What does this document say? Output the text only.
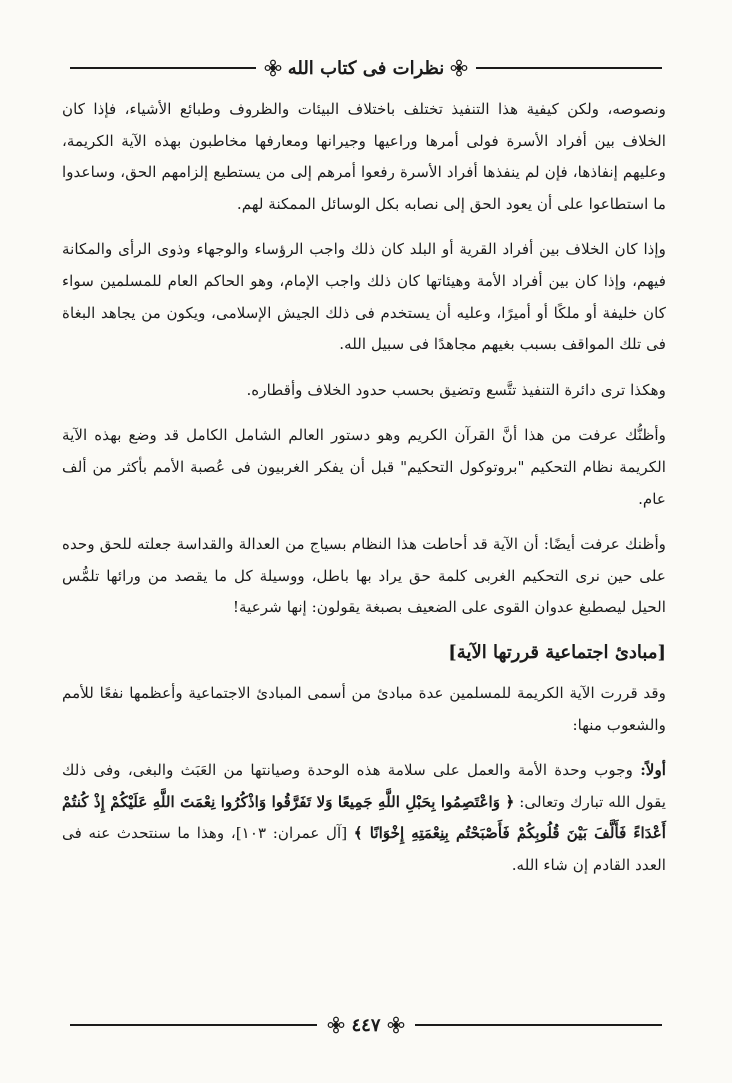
نظرات فى كتاب الله

ونصوصه، ولكن كيفية هذا التنفيذ تختلف باختلاف البيئات والظروف وطبائع الأشياء، فإذا كان الخلاف بين أفراد الأسرة فولى أمرها وراعيها وجيرانها ومعارفها مخاطبون بهذه الآية الكريمة، وعليهم إنفاذها، فإن لم ينفذها أفراد الأسرة رفعوا أمرهم إلى من يستطيع إلزامهم الحق، وساعدوا ما استطاعوا على أن يعود الحق إلى نصابه بكل الوسائل الممكنة لهم.

وإذا كان الخلاف بين أفراد القرية أو البلد كان ذلك واجب الرؤساء والوجهاء وذوى الرأى والمكانة فيهم، وإذا كان بين أفراد الأمة وهيئاتها كان ذلك واجب الإمام، وهو الحاكم العام للمسلمين سواء كان خليفة أو ملكًا أو أميرًا، وعليه أن يستخدم فى ذلك الجيش الإسلامى، ويكون من يجاهد البغاة فى تلك المواقف بسبب بغيهم مجاهدًا فى سبيل الله.

وهكذا ترى دائرة التنفيذ تتَّسع وتضيق بحسب حدود الخلاف وأقطاره.

وأظنُّك عرفت من هذا أنَّ القرآن الكريم وهو دستور العالم الشامل الكامل قد وضع بهذه الآية الكريمة نظام التحكيم "بروتوكول التحكيم" قبل أن يفكر الغربيون فى عُصبة الأمم بأكثر من ألف عام.

وأظنك عرفت أيضًا: أن الآية قد أحاطت هذا النظام بسياج من العدالة والقداسة جعلته للحق وحده على حين نرى التحكيم الغربى كلمة حق يراد بها باطل، ووسيلة كل ما يقصد من ورائها تلمُّس الحيل ليصطبغ عدوان القوى على الضعيف بصبغة يقولون: إنها شرعية!

[مبادئ اجتماعية قررتها الآية]

وقد قررت الآية الكريمة للمسلمين عدة مبادئ من أسمى المبادئ الاجتماعية وأعظمها نفعًا للأمم والشعوب منها:

أولاً: وجوب وحدة الأمة والعمل على سلامة هذه الوحدة وصيانتها من العَبَث والبغى، وفى ذلك يقول الله تبارك وتعالى: ﴿ وَاعْتَصِمُوا بِحَبْلِ اللَّهِ جَمِيعًا وَلا تَفَرَّقُوا وَاذْكُرُوا نِعْمَتَ اللَّهِ عَلَيْكُمْ إِذْ كُنتُمْ أَعْدَاءً فَأَلَّفَ بَيْنَ قُلُوبِكُمْ فَأَصْبَحْتُم بِنِعْمَتِهِ إِخْوَانًا ﴾ [آل عمران: ١٠٣]، وهذا ما سنتحدث عنه فى العدد القادم إن شاء الله.

٤٤٧
